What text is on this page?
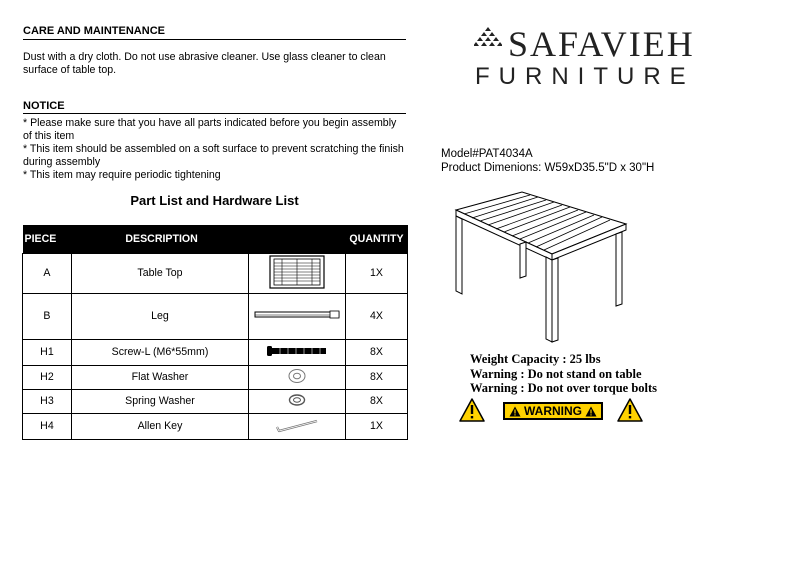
CARE AND MAINTENANCE
Dust with a dry cloth. Do not use abrasive cleaner. Use glass cleaner to clean
surface of table top.
NOTICE
* Please make sure that you have all parts indicated before you begin assembly
of this item
* This item should be assembled on a soft surface to prevent scratching the finish
during assembly
* This item may require periodic tightening
Part List and Hardware List
PIECE	DESCRIPTION		QUANTITY
A	Table Top		1X
B	Leg		4X
H1	Screw-L (M6*55mm)		8X
H2	Flat Washer		8X
H3	Spring Washer		8X
H4	Allen Key		1X
SAFAVIEH
FURNITURE
Model#PAT4034A
Product Dimenions: W59xD35.5"D x 30"H
Weight Capacity : 25 lbs
Warning : Do not stand on table
Warning : Do not over torque bolts
WARNING
